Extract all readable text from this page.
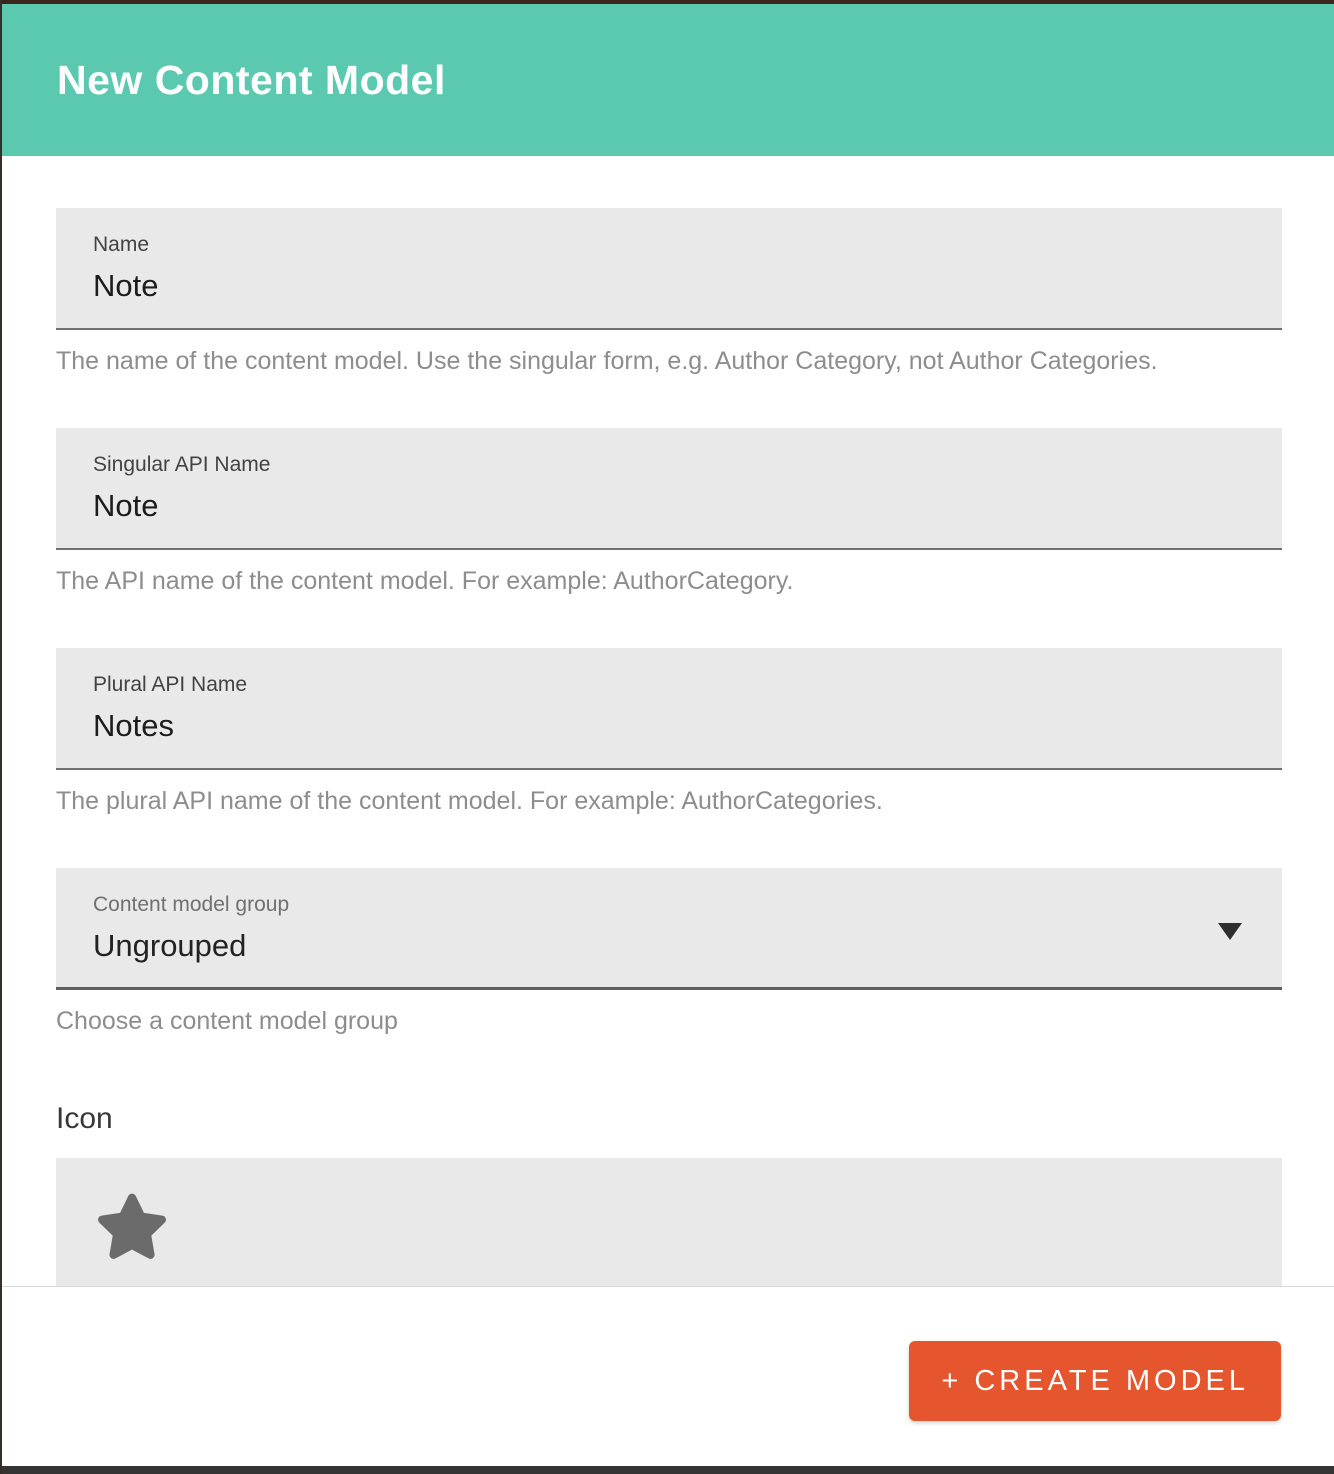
New Content Model
Name
Note
The name of the content model. Use the singular form, e.g. Author Category, not Author Categories.
Singular API Name
Note
The API name of the content model. For example: AuthorCategory.
Plural API Name
Notes
The plural API name of the content model. For example: AuthorCategories.
Content model group
Ungrouped
Choose a content model group
Icon
+ CREATE MODEL
